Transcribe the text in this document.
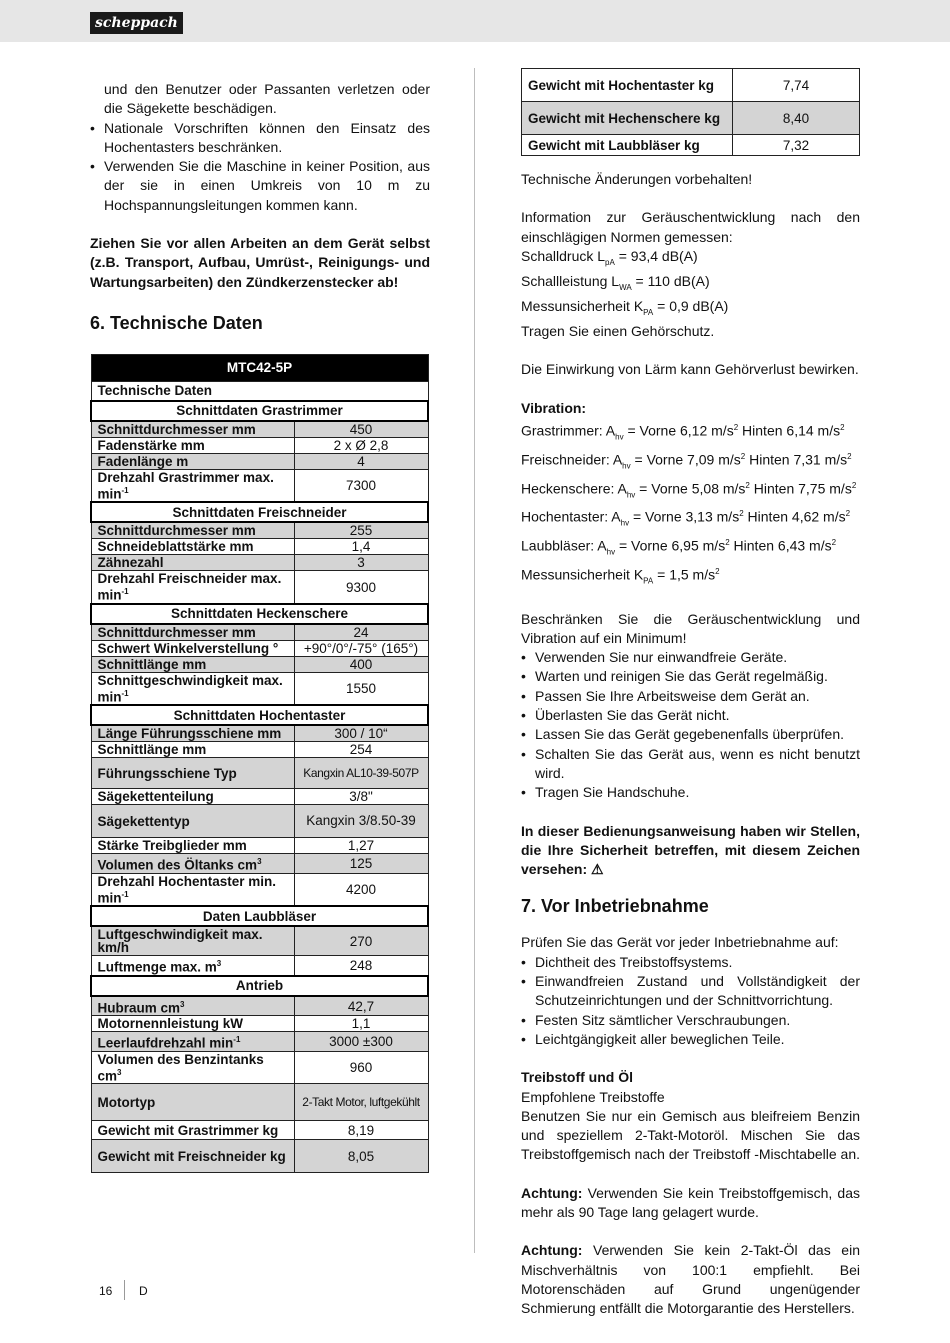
scheppach
und den Benutzer oder Passanten verletzen oder die Sägekette beschädigen.
• Nationale Vorschriften können den Einsatz des Hochentasters beschränken.
• Verwenden Sie die Maschine in keiner Position, aus der sie in einen Umkreis von 10 m zu Hochspannungsleitungen kommen kann.

Ziehen Sie vor allen Arbeiten an dem Gerät selbst (z.B. Transport, Aufbau, Umrüst-, Reinigungs- und Wartungsarbeiten) den Zündkerzenstecker ab!

6. Technische Daten
MTC42-5P	
Technische Daten	
Schnittdaten Grastrimmer	
Schnittdurchmesser mm	450
Fadenstärke mm	2 x Ø 2,8
Fadenlänge m	4
Drehzahl Grastrimmer max. $\min^{-1}$	7300
Schnittdaten Freischneider	
Schnittdurchmesser mm	255
Schneideblattstärke mm	1,4
Zähnezahl	3
Drehzahl Freischneider max. $\min^{-1}$	9300
Schnittdaten Heckenschere	
Schnittdurchmesser mm	24
Schwert Winkelverstellung °	+90°/0°/-75° (165°)
Schnittlänge mm	400
Schnittgeschwindigkeit max. $\min^{-1}$	1550
Schnittdaten Hochentaster	
Länge Führungsschiene mm	300 / 10“
Schnittlänge mm	254
Führungsschiene Typ	Kangxin AL10-39-507P
Sägekettenteilung	3/8"
Sägekettentyp	Kangxin 3/8.50-39
Stärke Treibglieder mm	1,27
Volumen des Öltanks $cm^3$	125
Drehzahl Hochentaster min. $\min^{-1}$	4200
Daten Laubbläser	
Luftgeschwindigkeit max. km/h	270
Luftmenge max. $m^3$	248
Antrieb	
Hubraum $cm^3$	42,7
Motornennleistung kW	1,1
Leerlaufdrehzahl $\min^{-1}$	3000 ±300
Volumen des Benzintanks $cm^3$	960
Motortyp	2-Takt Motor, luftgekühlt
Gewicht mit Grastrimmer kg	8,19
Gewicht mit Freischneider kg	8,05
Gewicht mit Hochentaster kg	7,74
Gewicht mit Hechenschere kg	8,40
Gewicht mit Laubbläser kg	7,32

Technische Änderungen vorbehalten!

Information zur Geräuschentwicklung nach den einschlägigen Normen gemessen:

Schalldruck $L_{pA} = 93,4$ dB(A)

Schallleistung $L_{WA} = 110$ dB(A)

Messunsicherheit $K_{PA} = 0,9$ dB(A)

Tragen Sie einen Gehörschutz.

Die Einwirkung von Lärm kann Gehörverlust bewirken.

Vibration:

Grastrimmer: $A_{hv}$ = Vorne 6,12 $m/s^2$ Hinten 6,14 $m/s^2$

Freischneider: $A_{hv}$ = Vorne 7,09 $m/s^2$ Hinten 7,31 $m/s^2$

Heckenschere: $A_{hv}$ = Vorne 5,08 $m/s^2$ Hinten 7,75 $m/s^2$

Hochentaster: $A_{hv}$ = Vorne 3,13 $m/s^2$ Hinten 4,62 $m/s^2$

Laubbläser: $A_{hv}$ = Vorne 6,95 $m/s^2$ Hinten 6,43 $m/s^2$

Messunsicherheit $K_{PA} = 1,5$ $m/s^2$

Beschränken Sie die Geräuschentwicklung und Vibration auf ein Minimum!

• Verwenden Sie nur einwandfreie Geräte.
• Warten und reinigen Sie das Gerät regelmäßig.
• Passen Sie Ihre Arbeitsweise dem Gerät an.
• Überlasten Sie das Gerät nicht.
• Lassen Sie das Gerät gegebenenfalls überprüfen.
• Schalten Sie das Gerät aus, wenn es nicht benutzt wird.
• Tragen Sie Handschuhe.

In dieser Bedienungsanweisung haben wir Stellen, die Ihre Sicherheit betreffen, mit diesem Zeichen versehen: ⚠

7. Vor Inbetriebnahme

Prüfen Sie das Gerät vor jeder Inbetriebnahme auf:

• Dichtheit des Treibstoffsystems.
• Einwandfreien Zustand und Vollständigkeit der Schutzeinrichtungen und der Schnittvorrichtung.
• Festen Sitz sämtlicher Verschraubungen.
• Leichtgängigkeit aller beweglichen Teile.

Treibstoff und Öl

Empfohlene Treibstoffe

Benutzen Sie nur ein Gemisch aus bleifreiem Benzin und speziellem 2-Takt-Motoröl. Mischen Sie das Treibstoffgemisch nach der Treibstoff -Mischtabelle an.

Achtung: Verwenden Sie kein Treibstoffgemisch, das mehr als 90 Tage lang gelagert wurde.

Achtung: Verwenden Sie kein 2-Takt-Öl das ein Mischverhältnis von 100:1 empfiehlt. Bei Motorenschäden auf Grund ungenügender Schmierung entfällt die Motorgarantie des Herstellers.

16 D
